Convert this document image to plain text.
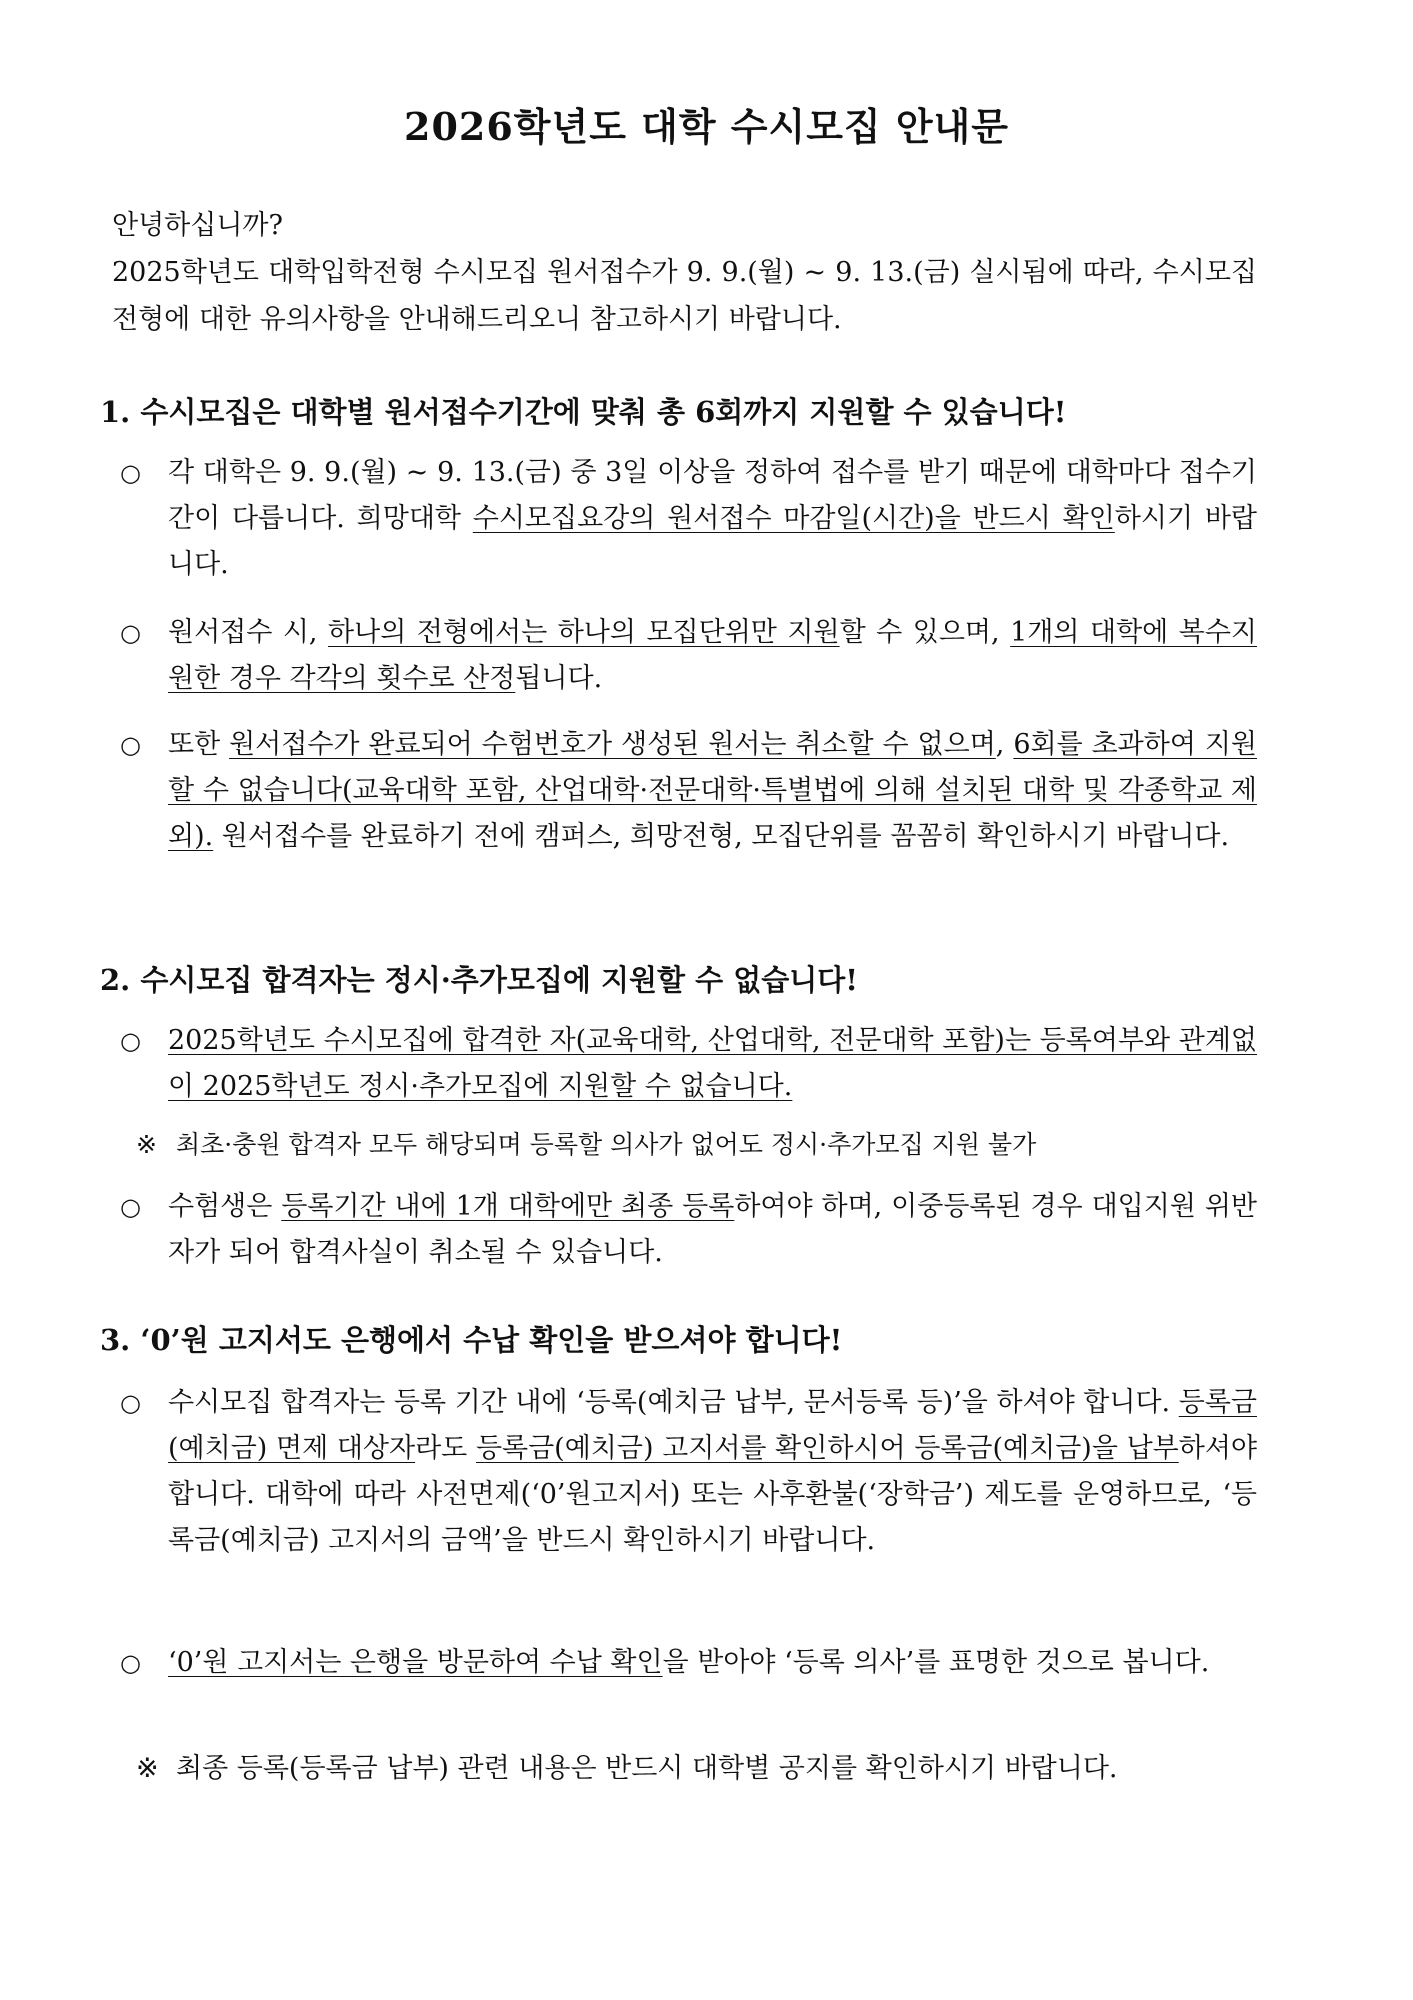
2026학년도 대학 수시모집 안내문

안녕하십니까?

2025학년도 대학입학전형 수시모집 원서접수가 9. 9.(월) ~ 9. 13.(금) 실시됨에 따라, 수시모집전형에 대한 유의사항을 안내해드리오니 참고하시기 바랍니다.

1. 수시모집은 대학별 원서접수기간에 맞춰 총 6회까지 지원할 수 있습니다!
○	각 대학은 9. 9.(월) ~ 9. 13.(금) 중 3일 이상을 정하여 접수를 받기 때문에 대학마다 접수기간이 다릅니다. 희망대학 수시모집요강의 원서접수 마감일(시간)을 반드시 확인하시기 바랍니다.
○	원서접수 시, 하나의 전형에서는 하나의 모집단위만 지원할 수 있으며, 1개의 대학에 복수지원한 경우 각각의 횟수로 산정됩니다.
○	또한 원서접수가 완료되어 수험번호가 생성된 원서는 취소할 수 없으며, 6회를 초과하여 지원할 수 없습니다(교육대학 포함, 산업대학·전문대학·특별법에 의해 설치된 대학 및 각종학교 제외). 원서접수를 완료하기 전에 캠퍼스, 희망전형, 모집단위를 꼼꼼히 확인하시기 바랍니다.
2. 수시모집 합격자는 정시·추가모집에 지원할 수 없습니다!
○	2025학년도 수시모집에 합격한 자(교육대학, 산업대학, 전문대학 포함)는 등록여부와 관계없이 2025학년도 정시·추가모집에 지원할 수 없습니다.
※ 최초·충원 합격자 모두 해당되며 등록할 의사가 없어도 정시·추가모집 지원 불가
○	수험생은 등록기간 내에 1개 대학에만 최종 등록하여야 하며, 이중등록된 경우 대입지원 위반자가 되어 합격사실이 취소될 수 있습니다.
3. ‘0’원 고지서도 은행에서 수납 확인을 받으셔야 합니다!
○	수시모집 합격자는 등록 기간 내에 ‘등록(예치금 납부, 문서등록 등)’을 하셔야 합니다. 등록금(예치금) 면제 대상자라도 등록금(예치금) 고지서를 확인하시어 등록금(예치금)을 납부하셔야 합니다. 대학에 따라 사전면제(‘0’원고지서) 또는 사후환불(‘장학금’) 제도를 운영하므로, ‘등록금(예치금) 고지서의 금액’을 반드시 확인하시기 바랍니다.
○	‘0’원 고지서는 은행을 방문하여 수납 확인을 받아야 ‘등록 의사’를 표명한 것으로 봅니다.
※ 최종 등록(등록금 납부) 관련 내용은 반드시 대학별 공지를 확인하시기 바랍니다.
